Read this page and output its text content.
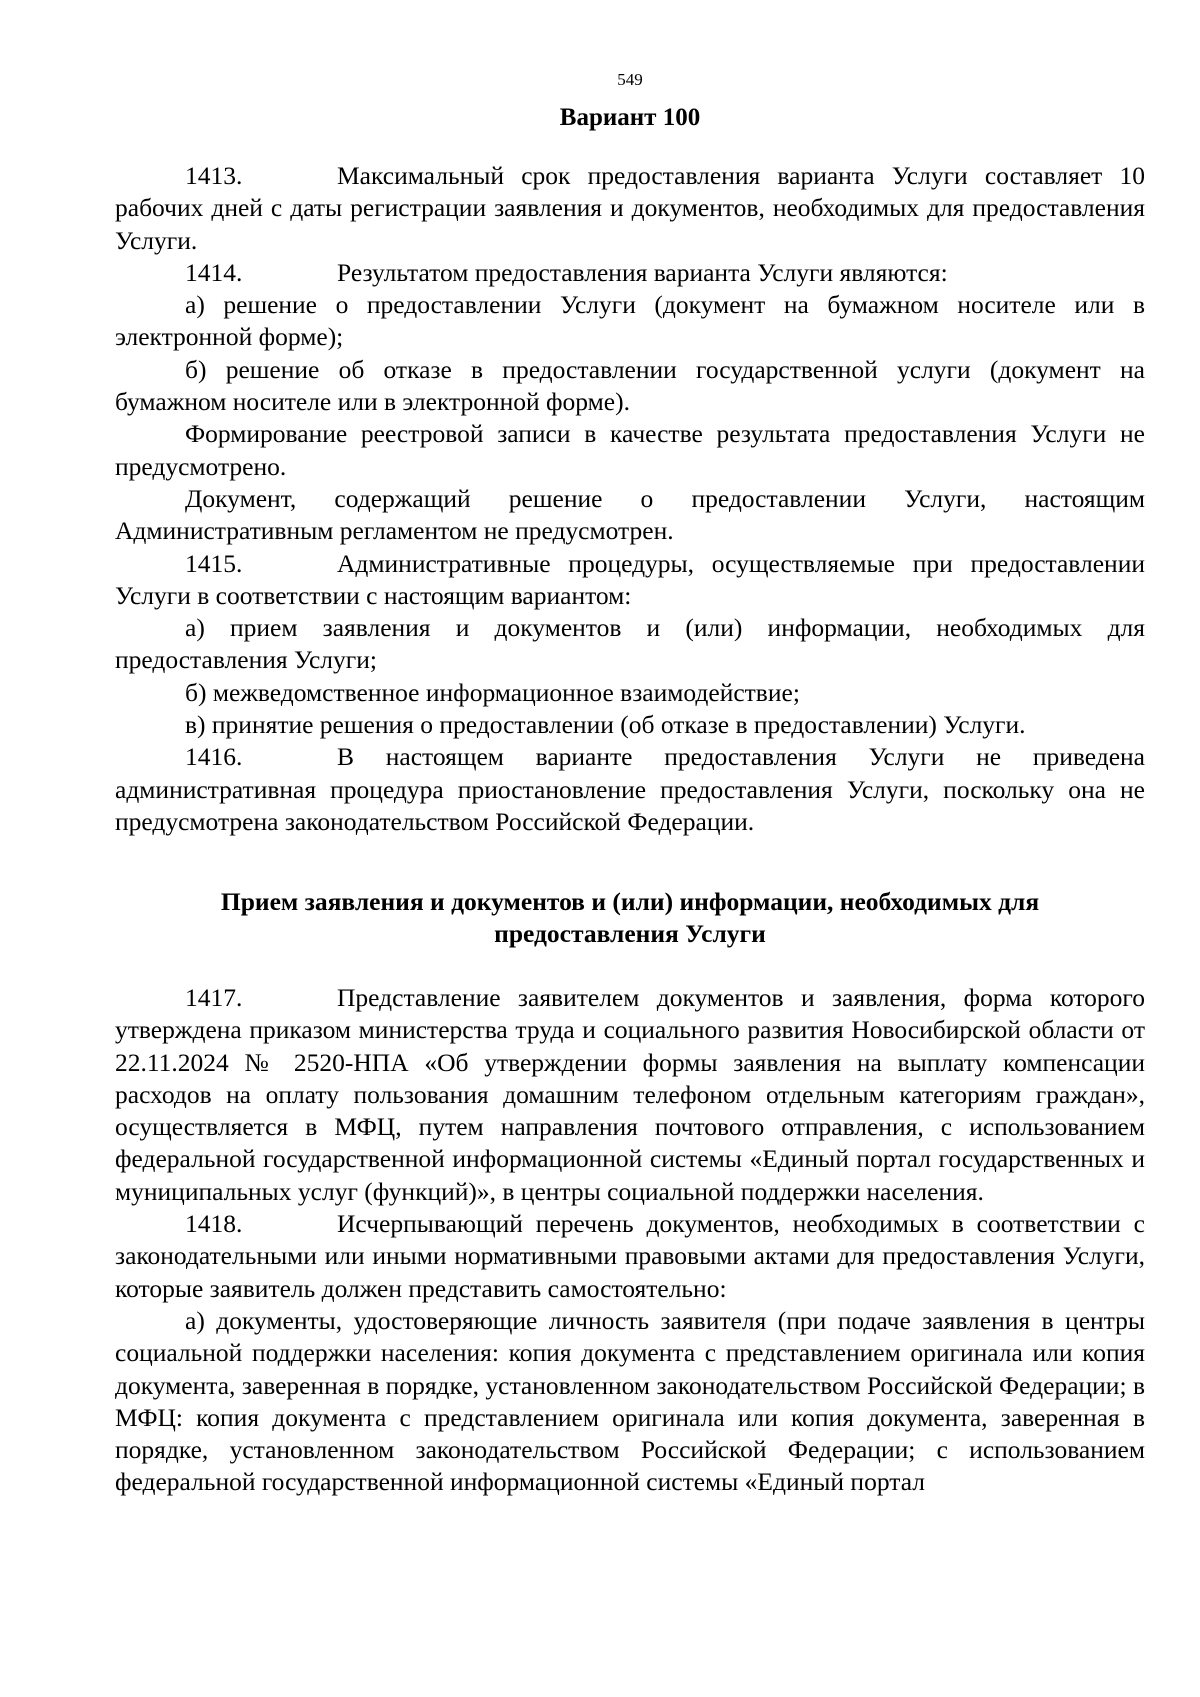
549
Вариант 100

1413.	Максимальный срок предоставления варианта Услуги составляет 10 рабочих дней с даты регистрации заявления и документов, необходимых для предоставления Услуги.

1414.	Результатом предоставления варианта Услуги являются:

а) решение о предоставлении Услуги (документ на бумажном носителе или в электронной форме);

б) решение об отказе в предоставлении государственной услуги (документ на бумажном носителе или в электронной форме).

Формирование реестровой записи в качестве результата предоставления Услуги не предусмотрено.

Документ, содержащий решение о предоставлении Услуги, настоящим Административным регламентом не предусмотрен.

1415.	Административные процедуры, осуществляемые при предоставлении Услуги в соответствии с настоящим вариантом:

а) прием заявления и документов и (или) информации, необходимых для предоставления Услуги;

б) межведомственное информационное взаимодействие;

в) принятие решения о предоставлении (об отказе в предоставлении) Услуги.

1416.	В настоящем варианте предоставления Услуги не приведена административная процедура приостановление предоставления Услуги, поскольку она не предусмотрена законодательством Российской Федерации.

Прием заявления и документов и (или) информации, необходимых для
предоставления Услуги

1417.	Представление заявителем документов и заявления, форма которого утверждена приказом министерства труда и социального развития Новосибирской области от 22.11.2024 № 2520-НПА «Об утверждении формы заявления на выплату компенсации расходов на оплату пользования домашним телефоном отдельным категориям граждан», осуществляется в МФЦ, путем направления почтового отправления, с использованием федеральной государственной информационной системы «Единый портал государственных и муниципальных услуг (функций)», в центры социальной поддержки населения.

1418.	Исчерпывающий перечень документов, необходимых в соответствии с законодательными или иными нормативными правовыми актами для предоставления Услуги, которые заявитель должен представить самостоятельно:

а) документы, удостоверяющие личность заявителя (при подаче заявления в центры социальной поддержки населения: копия документа с представлением оригинала или копия документа, заверенная в порядке, установленном законодательством Российской Федерации; в МФЦ: копия документа с представлением оригинала или копия документа, заверенная в порядке, установленном законодательством Российской Федерации; с использованием федеральной государственной информационной системы «Единый портал
